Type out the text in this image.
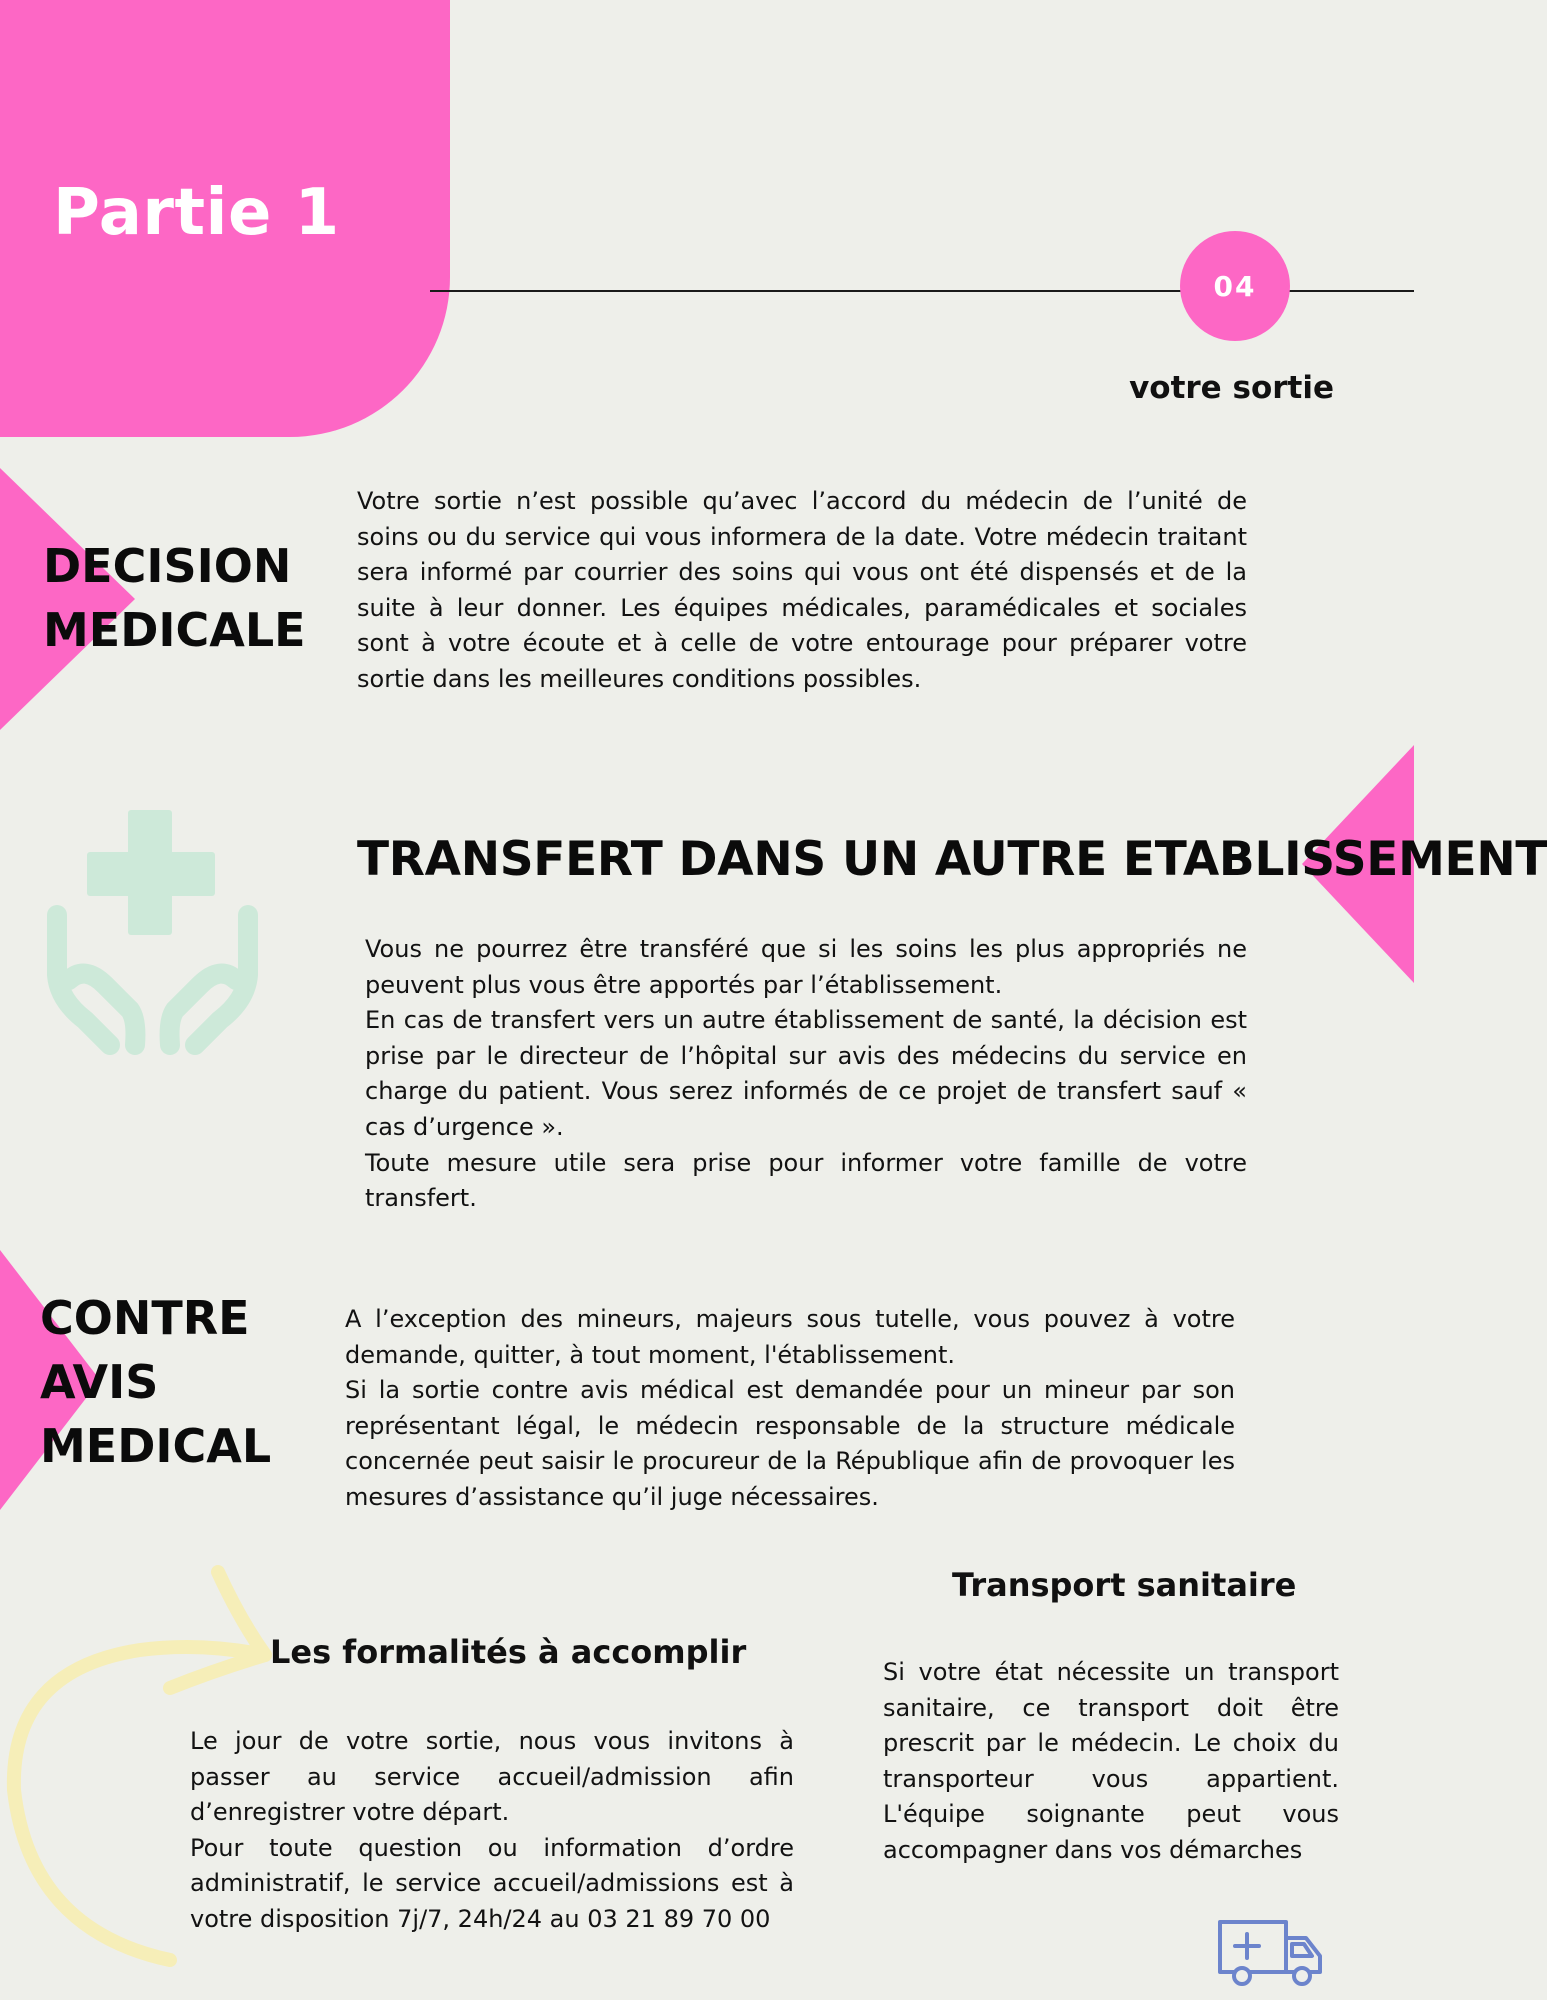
Partie 1
04
votre sortie
DECISION
MEDICALE

Votre sortie n’est possible qu’avec l’accord du médecin de l’unité de soins ou du service qui vous informera de la date. Votre médecin traitant sera informé par courrier des soins qui vous ont été dispensés et de la suite à leur donner. Les équipes médicales, paramédicales et sociales sont à votre écoute et à celle de votre entourage pour préparer votre sortie dans les meilleures conditions possibles.

TRANSFERT DANS UN AUTRE ETABLISSEMENT

Vous ne pourrez être transféré que si les soins les plus appropriés ne peuvent plus vous être apportés par l’établissement.

En cas de transfert vers un autre établissement de santé, la décision est prise par le directeur de l’hôpital sur avis des médecins du service en charge du patient. Vous serez informés de ce projet de transfert sauf « cas d’urgence ».

Toute mesure utile sera prise pour informer votre famille de votre transfert.

CONTRE
AVIS
MEDICAL

A l’exception des mineurs, majeurs sous tutelle, vous pouvez à votre demande, quitter, à tout moment, l'établissement.

Si la sortie contre avis médical est demandée pour un mineur par son représentant légal, le médecin responsable de la structure médicale concernée peut saisir le procureur de la République afin de provoquer les mesures d’assistance qu’il juge nécessaires.

Les formalités à accomplir

Le jour de votre sortie, nous vous invitons à passer au service accueil/admission afin d’enregistrer votre départ.

Pour toute question ou information d’ordre administratif, le service accueil/admissions est à votre disposition 7j/7, 24h/24 au 03 21 89 70 00

Transport sanitaire

Si votre état nécessite un transport sanitaire, ce transport doit être prescrit par le médecin. Le choix du transporteur vous appartient. L'équipe soignante peut vous accompagner dans vos démarches
